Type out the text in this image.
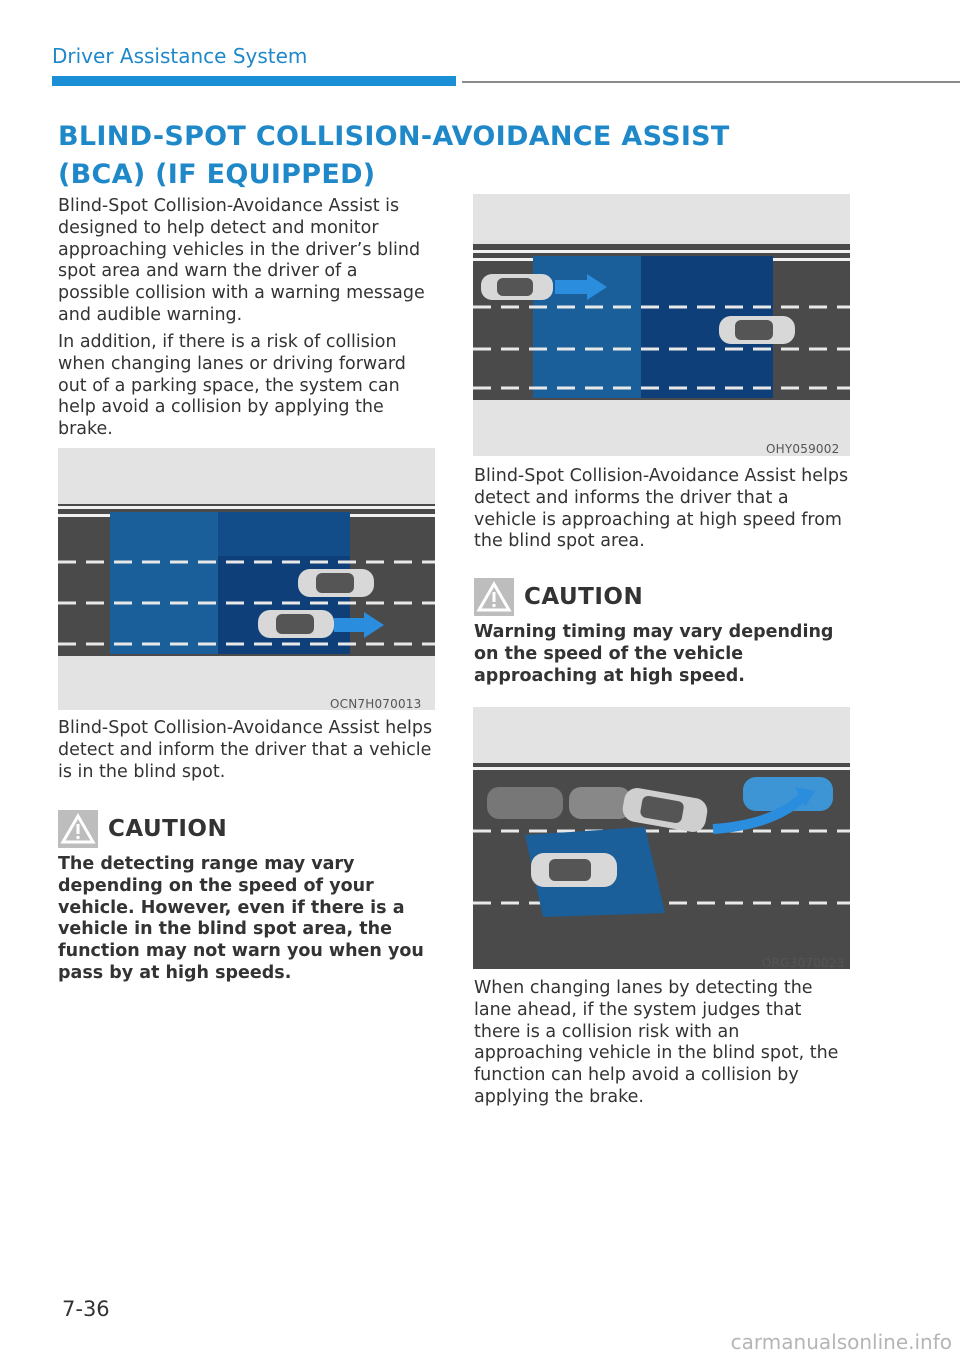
Driver Assistance System
BLIND-SPOT COLLISION-AVOIDANCE ASSIST (BCA) (IF EQUIPPED)

Blind-Spot Collision-Avoidance Assist is designed to help detect and monitor approaching vehicles in the driver’s blind spot area and warn the driver of a possible collision with a warning message and audible warning.

In addition, if there is a risk of collision when changing lanes or driving forward out of a parking space, the system can help avoid a collision by applying the brake.

OCN7H070013

Blind-Spot Collision-Avoidance Assist helps detect and inform the driver that a vehicle is in the blind spot.

CAUTION

The detecting range may vary depending on the speed of your vehicle. However, even if there is a vehicle in the blind spot area, the function may not warn you when you pass by at high speeds.

OHY059002

Blind-Spot Collision-Avoidance Assist helps detect and informs the driver that a vehicle is approaching at high speed from the blind spot area.

CAUTION

Warning timing may vary depending on the speed of the vehicle approaching at high speed.

ORG3070023

When changing lanes by detecting the lane ahead, if the system judges that there is a collision risk with an approaching vehicle in the blind spot, the function can help avoid a collision by applying the brake.

7-36
carmanualsonline.info
